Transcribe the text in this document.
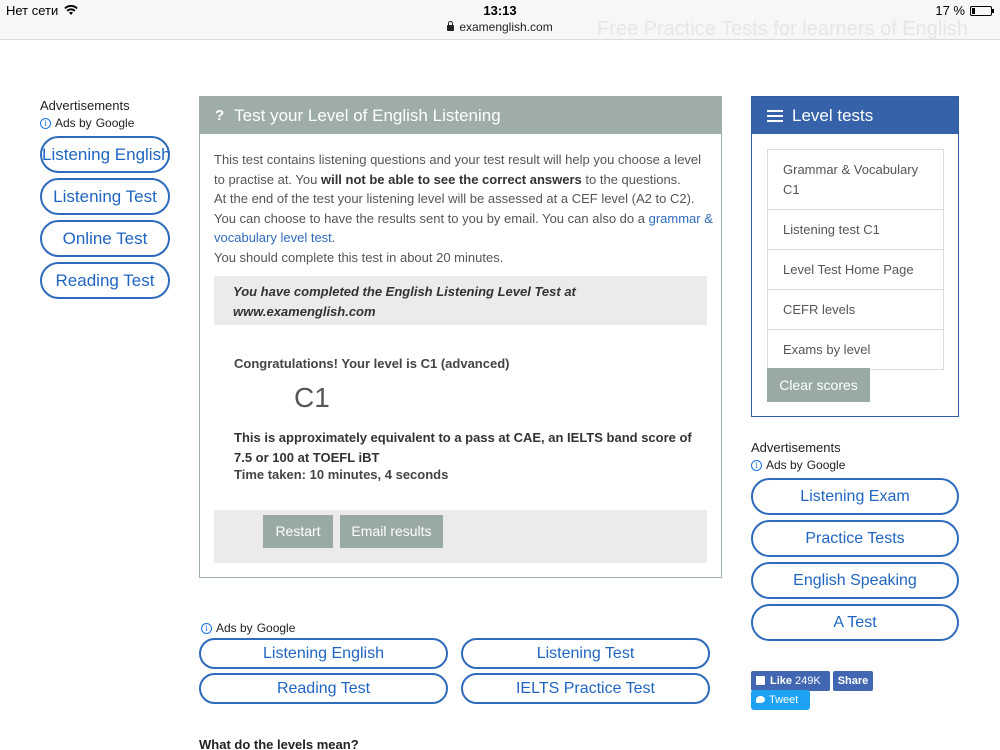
Нет сети	13:13
examenglish.com
17 %
Free Practice Tests for learners of English
Advertisements
i Ads by Google
Listening English
Listening Test
Online Test
Reading Test
? Test your Level of English Listening
This test contains listening questions and your test result will help you choose a level to practise at. You will not be able to see the correct answers to the questions.
At the end of the test your listening level will be assessed at a CEF level (A2 to C2).
You can choose to have the results sent to you by email. You can also do a grammar & vocabulary level test.
You should complete this test in about 20 minutes.
You have completed the English Listening Level Test at www.examenglish.com
Congratulations! Your level is C1 (advanced)
C1
This is approximately equivalent to a pass at CAE, an IELTS band score of 7.5 or 100 at TOEFL iBT
Time taken: 10 minutes, 4 seconds
Restart	Email results
i Ads by Google
Listening English	Listening Test
Reading Test	IELTS Practice Test
What do the levels mean?
Level tests
Grammar & Vocabulary C1
Listening test C1
Level Test Home Page
CEFR levels
Exams by level
Clear scores
Advertisements
i Ads by Google
Listening Exam
Practice Tests
English Speaking
A Test
Like 249K	Share
Tweet
